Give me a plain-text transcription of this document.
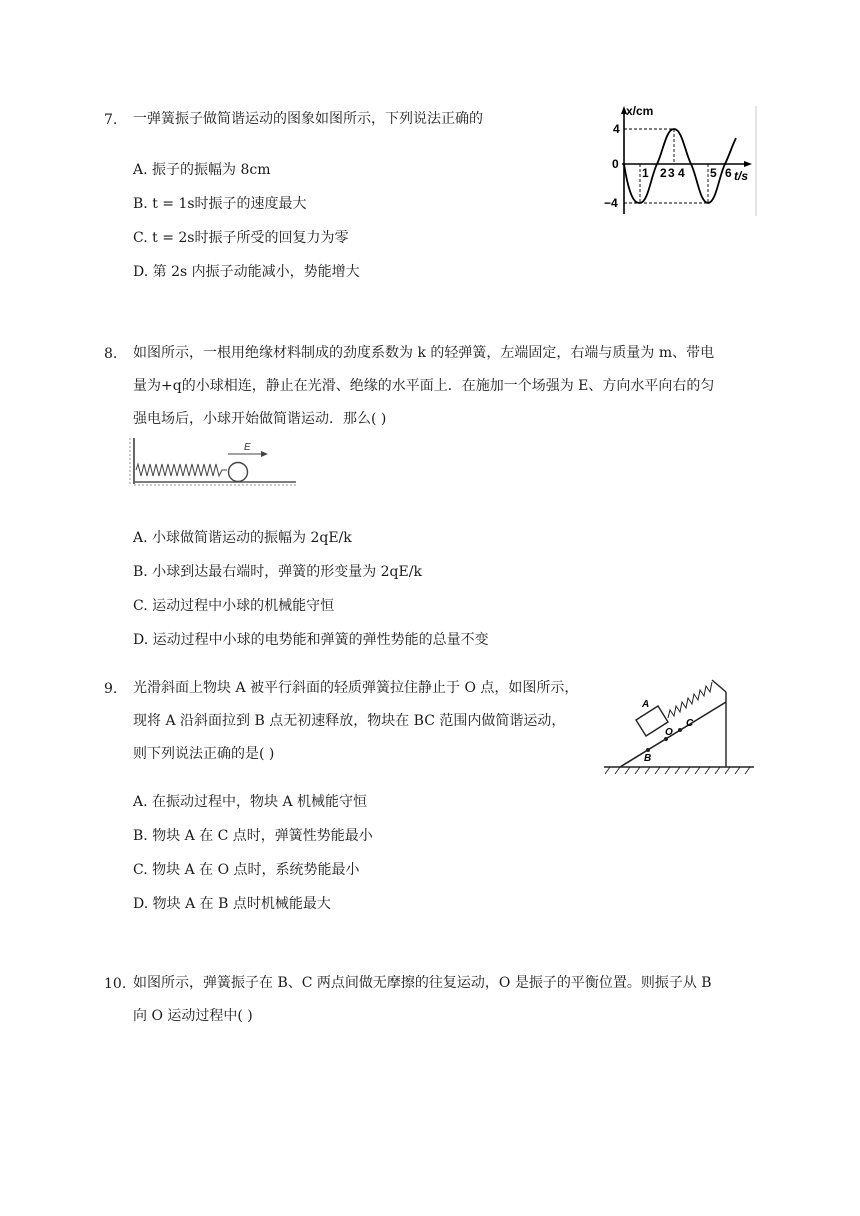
7. 一弹簧振子做简谐运动的图象如图所示，下列说法正确的
A. 振子的振幅为 8cm
B. t = 1s时振子的速度最大
C. t = 2s时振子所受的回复力为零
D. 第 2s 内振子动能减小，势能增大
x/cm
t/s
0
4
−4
1 2 3 4 5 6
8. 如图所示，一根用绝缘材料制成的劲度系数为 k 的轻弹簧，左端固定，右端与质量为 m、带电
量为+q的小球相连，静止在光滑、绝缘的水平面上．在施加一个场强为 E、方向水平向右的匀
强电场后，小球开始做简谐运动．那么( )
E
A. 小球做简谐运动的振幅为 2qE/k
B. 小球到达最右端时，弹簧的形变量为 2qE/k
C. 运动过程中小球的机械能守恒
D. 运动过程中小球的电势能和弹簧的弹性势能的总量不变
9. 光滑斜面上物块 A 被平行斜面的轻质弹簧拉住静止于 O 点，如图所示，
现将 A 沿斜面拉到 B 点无初速释放，物块在 BC 范围内做简谐运动，
则下列说法正确的是( )
A
O
C
B
A. 在振动过程中，物块 A 机械能守恒
B. 物块 A 在 C 点时，弹簧性势能最小
C. 物块 A 在 O 点时，系统势能最小
D. 物块 A 在 B 点时机械能最大
10. 如图所示，弹簧振子在 B、C 两点间做无摩擦的往复运动，O 是振子的平衡位置。则振子从 B
向 O 运动过程中( )
